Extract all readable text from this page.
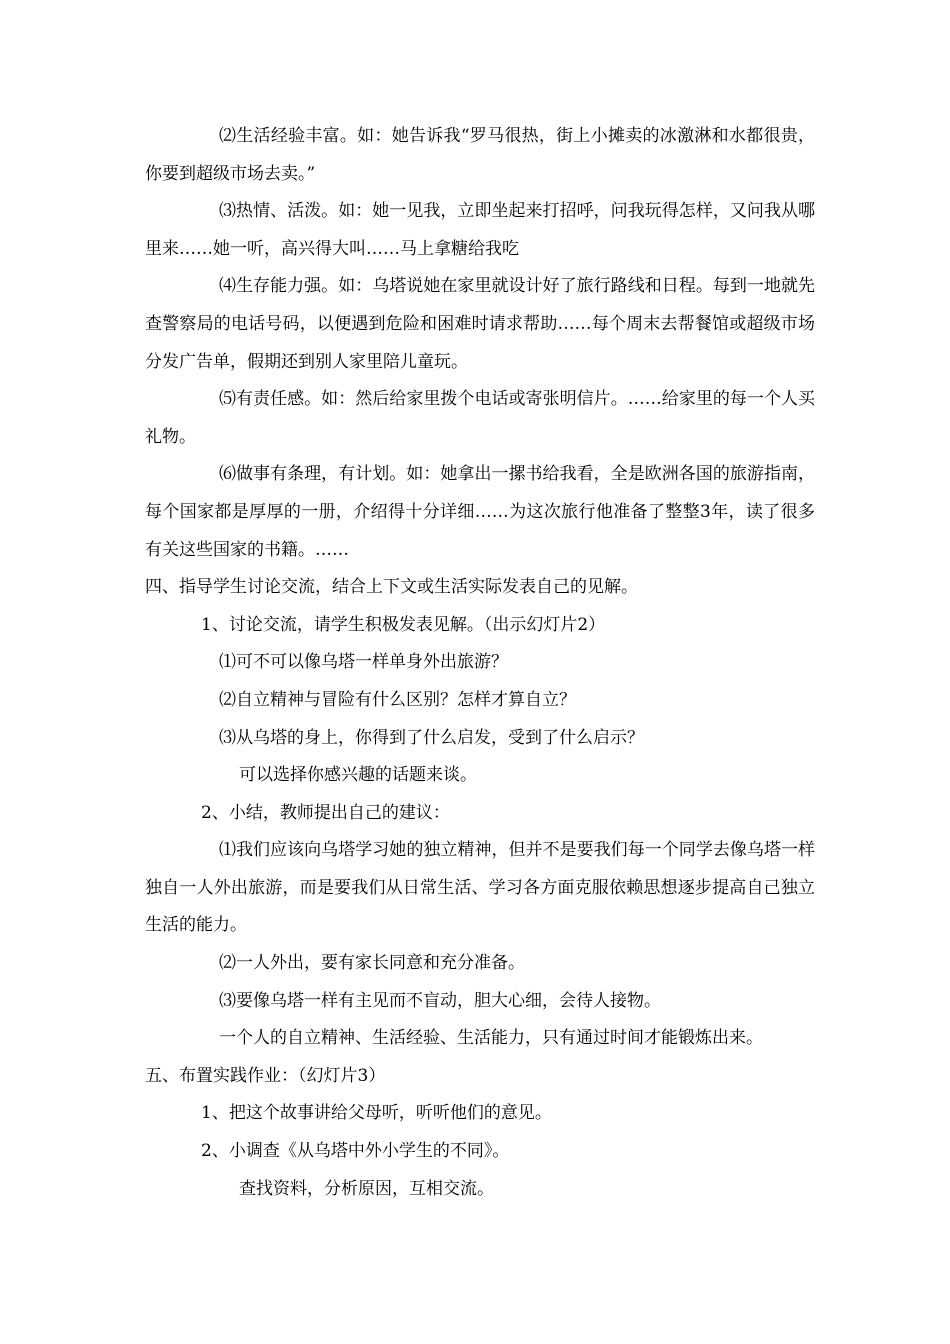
⑵生活经验丰富。如：她告诉我“罗马很热，街上小摊卖的冰激淋和水都很贵，你要到超级市场去卖。”

⑶热情、活泼。如：她一见我，立即坐起来打招呼，问我玩得怎样，又问我从哪里来……她一听，高兴得大叫……马上拿糖给我吃

⑷生存能力强。如：乌塔说她在家里就设计好了旅行路线和日程。每到一地就先查警察局的电话号码，以便遇到危险和困难时请求帮助……每个周末去帮餐馆或超级市场分发广告单，假期还到别人家里陪儿童玩。

⑸有责任感。如：然后给家里拨个电话或寄张明信片。……给家里的每一个人买礼物。

⑹做事有条理，有计划。如：她拿出一摞书给我看，全是欧洲各国的旅游指南，每个国家都是厚厚的一册，介绍得十分详细……为这次旅行他准备了整整3年，读了很多有关这些国家的书籍。……

四、指导学生讨论交流，结合上下文或生活实际发表自己的见解。

1、讨论交流，请学生积极发表见解。（出示幻灯片2）

⑴可不可以像乌塔一样单身外出旅游？

⑵自立精神与冒险有什么区别？怎样才算自立？

⑶从乌塔的身上，你得到了什么启发，受到了什么启示？

可以选择你感兴趣的话题来谈。

2、小结，教师提出自己的建议：

⑴我们应该向乌塔学习她的独立精神，但并不是要我们每一个同学去像乌塔一样独自一人外出旅游，而是要我们从日常生活、学习各方面克服依赖思想逐步提高自己独立生活的能力。

⑵一人外出，要有家长同意和充分准备。

⑶要像乌塔一样有主见而不盲动，胆大心细，会待人接物。

一个人的自立精神、生活经验、生活能力，只有通过时间才能锻炼出来。

五、布置实践作业：（幻灯片3）

1、把这个故事讲给父母听，听听他们的意见。

2、小调查《从乌塔中外小学生的不同》。

查找资料，分析原因，互相交流。
